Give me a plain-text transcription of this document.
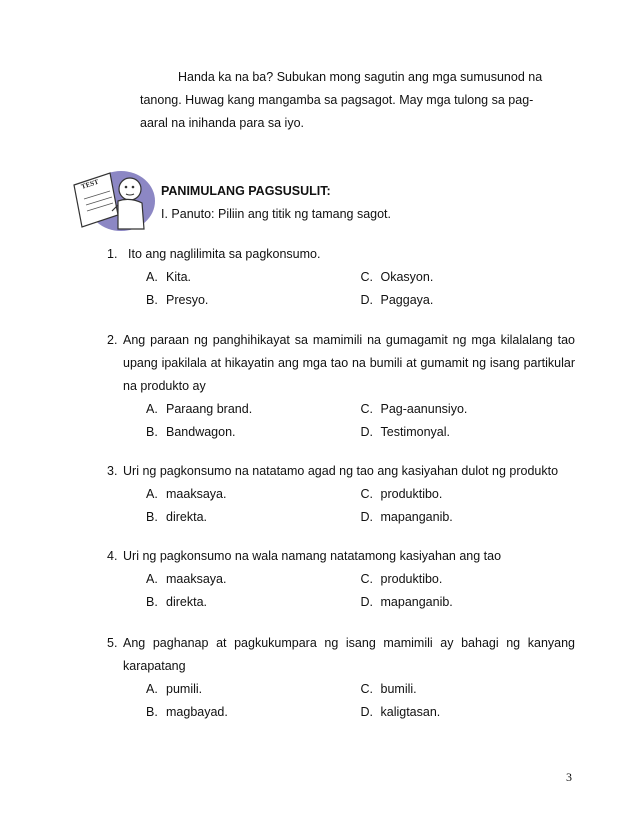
Handa ka na ba? Subukan mong sagutin ang mga sumusunod na
tanong. Huwag kang mangamba sa pagsagot. May mga tulong sa pag-
aaral na inihanda para sa iyo.

TEST	PANIMULANG PAGSUSULIT:
I. Panuto: Piliin ang titik ng tamang sagot.
1. Ito ang naglilimita sa pagkonsumo.
A. Kita.	C. Okasyon.
B. Presyo.	D. Paggaya.
2. Ang paraan ng panghihikayat sa mamimili na gumagamit ng mga kilalalang tao upang ipakilala at hikayatin ang mga tao na bumili at gumamit ng isang partikular na produkto ay
A. Paraang brand.	C. Pag-aanunsiyo.
B. Bandwagon.	D. Testimonyal.
3. Uri ng pagkonsumo na natatamo agad ng tao ang kasiyahan dulot ng produkto
A. maaksaya.	C. produktibo.
B. direkta.	D. mapanganib.
4. Uri ng pagkonsumo na wala namang natatamong kasiyahan ang tao
A. maaksaya.	C. produktibo.
B. direkta.	D. mapanganib.
5. Ang paghanap at pagkukumpara ng isang mamimili ay bahagi ng kanyang karapatang
A. pumili.	C. bumili.
B. magbayad.	D. kaligtasan.
3
